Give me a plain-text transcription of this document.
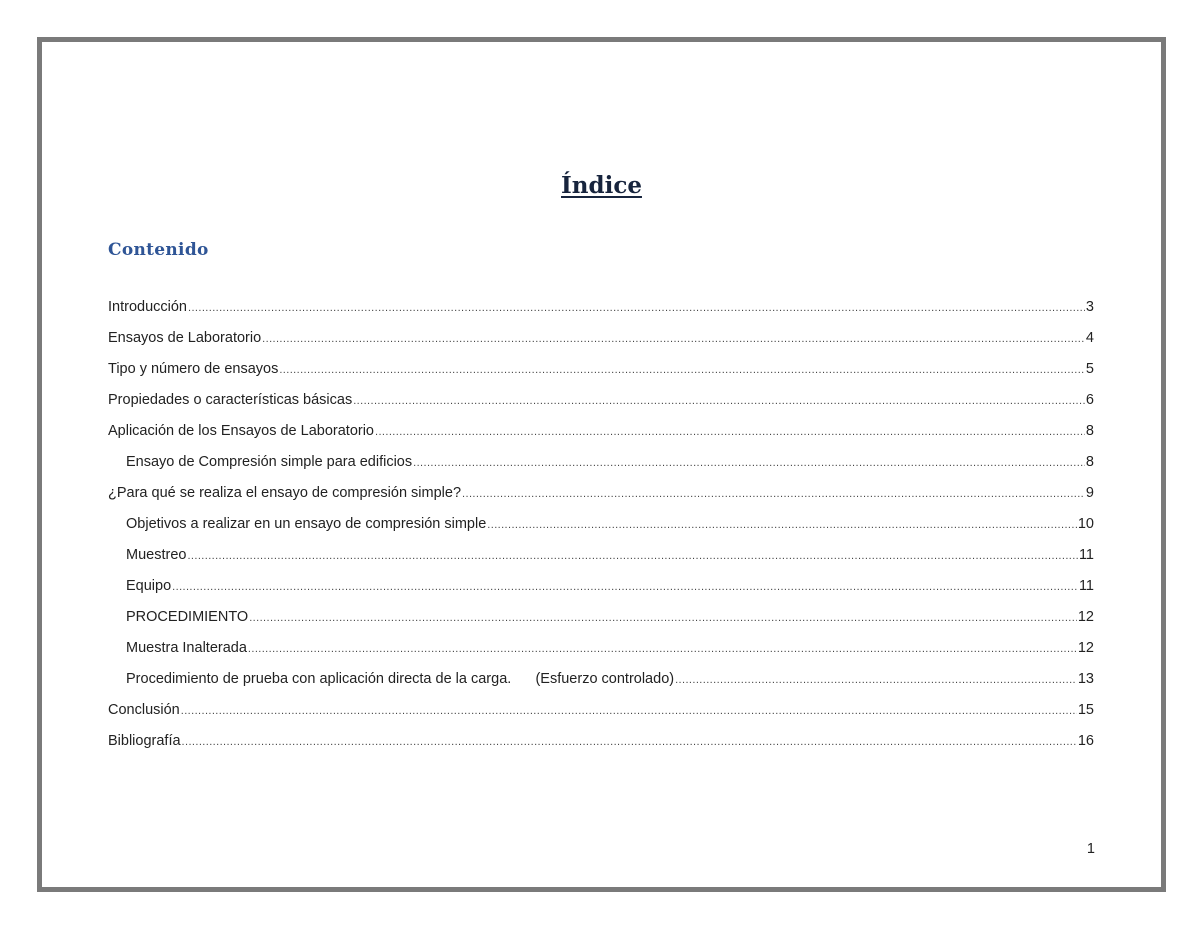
Índice
Contenido
Introducción .....	3
Ensayos de Laboratorio .....	4
Tipo y número de ensayos .....	5
Propiedades o características básicas .....	6
Aplicación de los Ensayos de Laboratorio .....	8
Ensayo de Compresión simple para edificios .....	8
¿Para qué se realiza el ensayo de compresión simple? .....	9
Objetivos a realizar en un ensayo de compresión simple .....	10
Muestreo .....	11
Equipo .....	11
PROCEDIMIENTO .....	12
Muestra Inalterada .....	12
Procedimiento de prueba con aplicación directa de la carga.      (Esfuerzo controlado) .....	13
Conclusión .....	15
Bibliografía .....	16
1
